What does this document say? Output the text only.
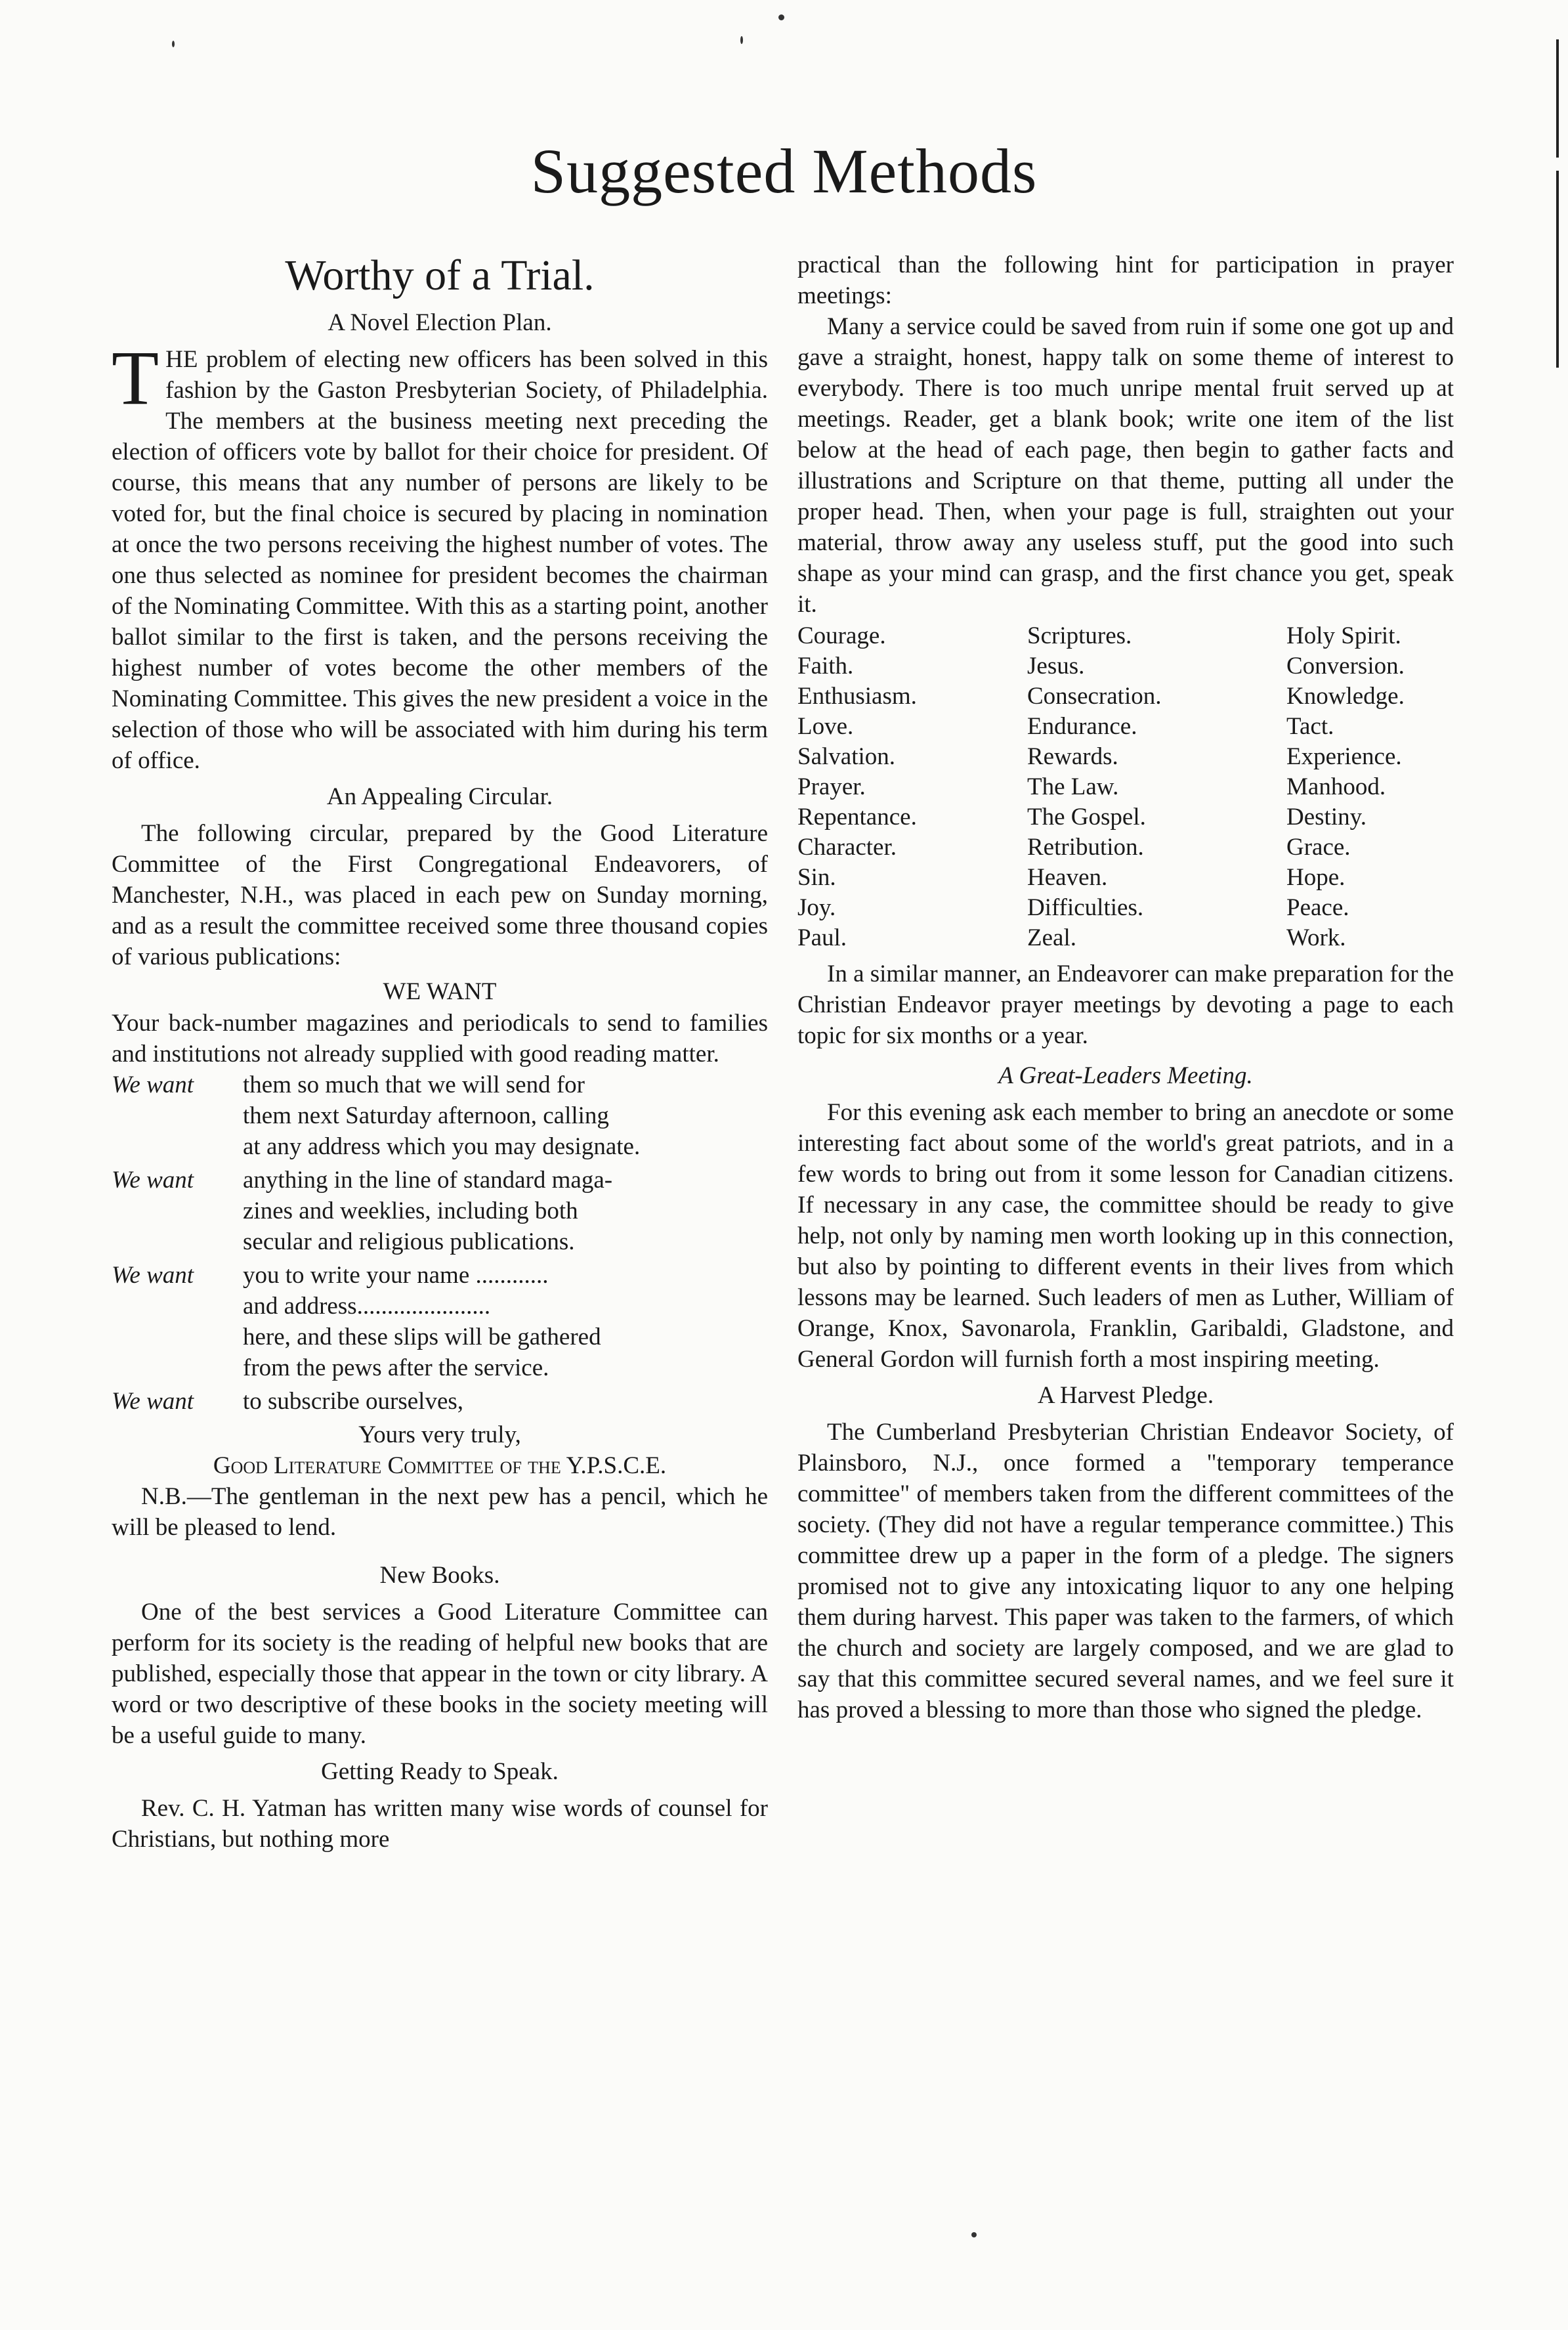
Suggested Methods
Worthy of a Trial.
A Novel Election Plan.

THE problem of electing new officers has been solved in this fashion by the Gaston Presbyterian Society, of Philadelphia. The members at the business meeting next preceding the election of officers vote by ballot for their choice for president. Of course, this means that any number of persons are likely to be voted for, but the final choice is secured by placing in nomination at once the two persons receiving the highest number of votes. The one thus selected as nominee for president becomes the chairman of the Nominating Committee. With this as a starting point, another ballot similar to the first is taken, and the persons receiving the highest number of votes become the other members of the Nominating Committee. This gives the new president a voice in the selection of those who will be associated with him during his term of office.

An Appealing Circular.

The following circular, prepared by the Good Literature Committee of the First Congregational Endeavorers, of Manchester, N.H., was placed in each pew on Sunday morning, and as a result the committee received some three thousand copies of various publications:

WE WANT

Your back-number magazines and periodicals to send to families and institutions not already supplied with good reading matter.

We want	them so much that we will send for
them next Saturday afternoon, calling
at any address which you may designate.
We want	anything in the line of standard maga-
zines and weeklies, including both
secular and religious publications.
We want	you to write your name ............
and address......................
here, and these slips will be gathered
from the pews after the service.
We want	to subscribe ourselves,
Yours very truly,
Good Literature Committee of the Y.P.S.C.E.

N.B.—The gentleman in the next pew has a pencil, which he will be pleased to lend.

New Books.

One of the best services a Good Literature Committee can perform for its society is the reading of helpful new books that are published, especially those that appear in the town or city library. A word or two descriptive of these books in the society meeting will be a useful guide to many.

Getting Ready to Speak.

Rev. C. H. Yatman has written many wise words of counsel for Christians, but nothing more

practical than the following hint for participation in prayer meetings:

Many a service could be saved from ruin if some one got up and gave a straight, honest, happy talk on some theme of interest to everybody. There is too much unripe mental fruit served up at meetings. Reader, get a blank book; write one item of the list below at the head of each page, then begin to gather facts and illustrations and Scripture on that theme, putting all under the proper head. Then, when your page is full, straighten out your material, throw away any useless stuff, put the good into such shape as your mind can grasp, and the first chance you get, speak it.

Courage.	Scriptures.	Holy Spirit.
Faith.	Jesus.	Conversion.
Enthusiasm.	Consecration.	Knowledge.
Love.	Endurance.	Tact.
Salvation.	Rewards.	Experience.
Prayer.	The Law.	Manhood.
Repentance.	The Gospel.	Destiny.
Character.	Retribution.	Grace.
Sin.	Heaven.	Hope.
Joy.	Difficulties.	Peace.
Paul.	Zeal.	Work.

In a similar manner, an Endeavorer can make preparation for the Christian Endeavor prayer meetings by devoting a page to each topic for six months or a year.

A Great-Leaders Meeting.

For this evening ask each member to bring an anecdote or some interesting fact about some of the world's great patriots, and in a few words to bring out from it some lesson for Canadian citizens. If necessary in any case, the committee should be ready to give help, not only by naming men worth looking up in this connection, but also by pointing to different events in their lives from which lessons may be learned. Such leaders of men as Luther, William of Orange, Knox, Savonarola, Franklin, Garibaldi, Gladstone, and General Gordon will furnish forth a most inspiring meeting.

A Harvest Pledge.

The Cumberland Presbyterian Christian Endeavor Society, of Plainsboro, N.J., once formed a "temporary temperance committee" of members taken from the different committees of the society. (They did not have a regular temperance committee.) This committee drew up a paper in the form of a pledge. The signers promised not to give any intoxicating liquor to any one helping them during harvest. This paper was taken to the farmers, of which the church and society are largely composed, and we are glad to say that this committee secured several names, and we feel sure it has proved a blessing to more than those who signed the pledge.
